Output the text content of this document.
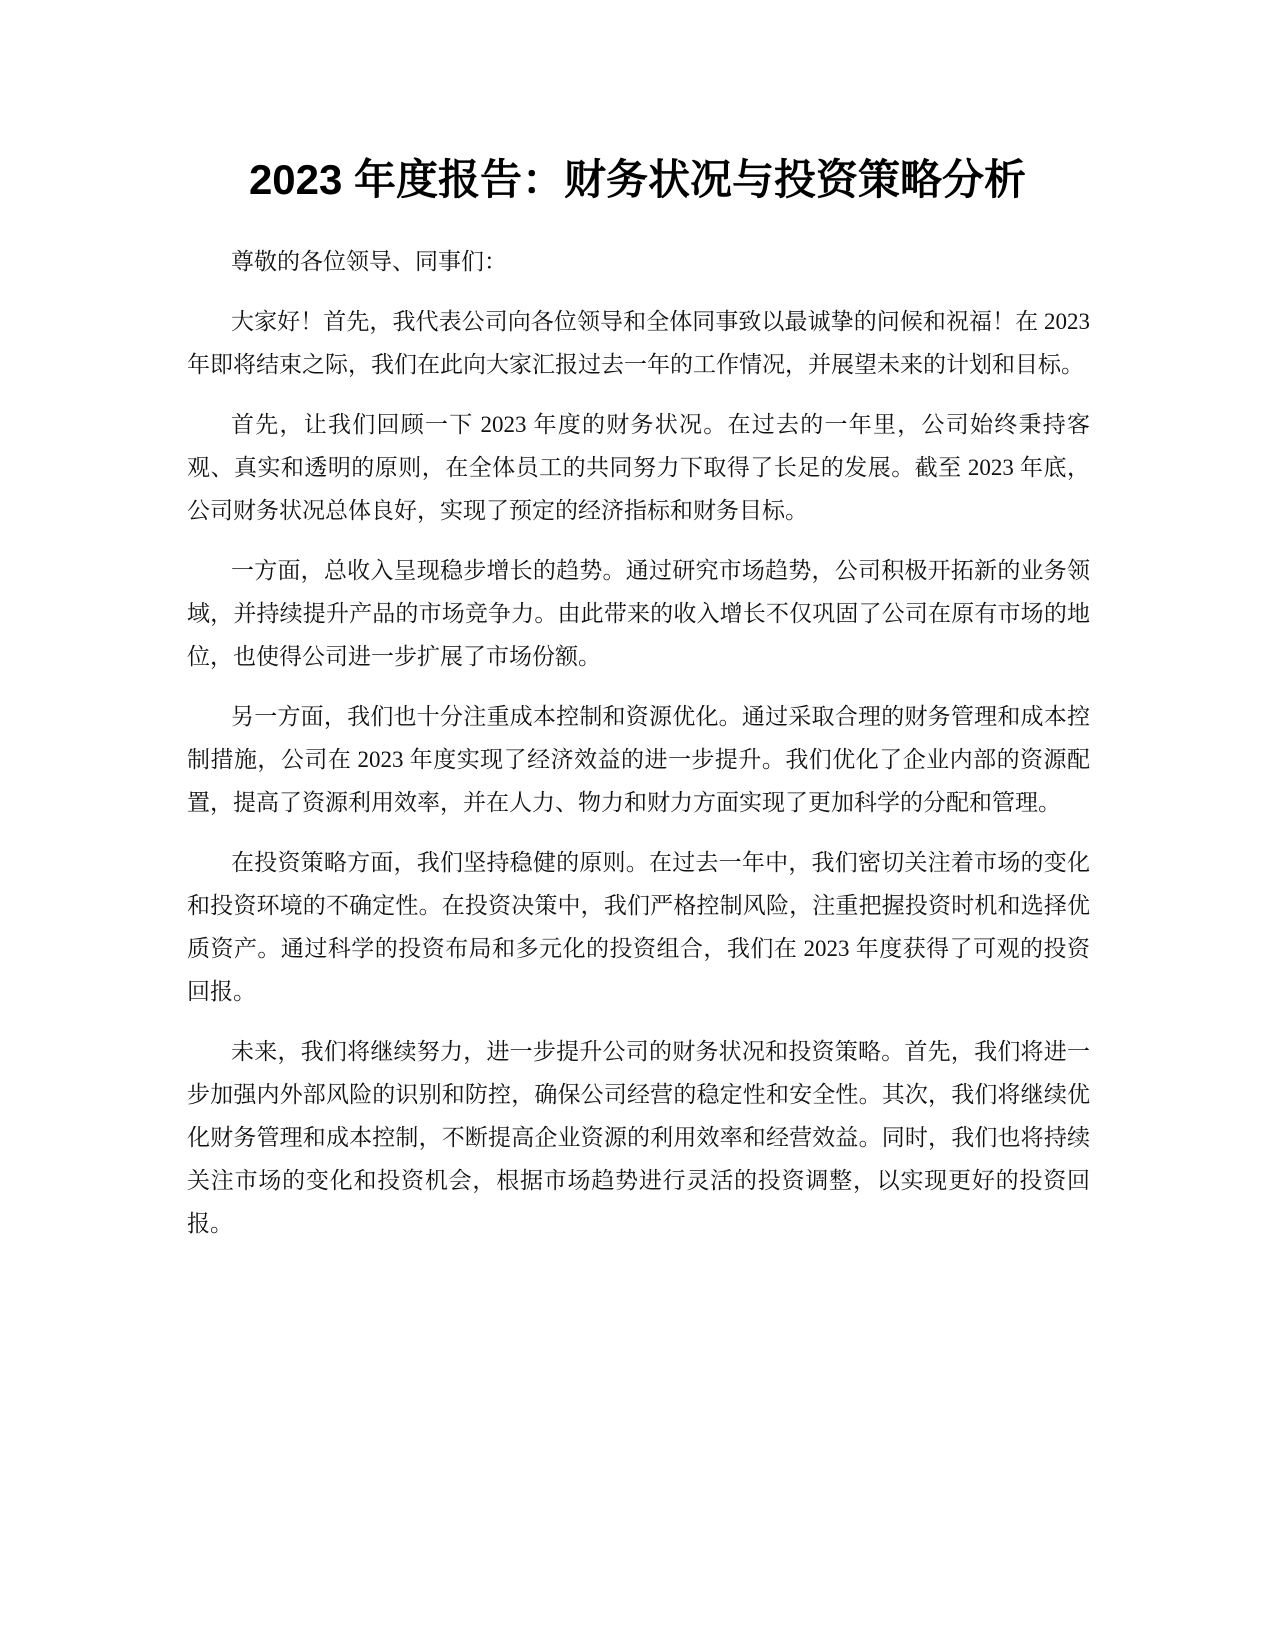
2023 年度报告：财务状况与投资策略分析

尊敬的各位领导、同事们：

大家好！首先，我代表公司向各位领导和全体同事致以最诚挚的问候和祝福！在 2023 年即将结束之际，我们在此向大家汇报过去一年的工作情况，并展望未来的计划和目标。

首先，让我们回顾一下 2023 年度的财务状况。在过去的一年里，公司始终秉持客观、真实和透明的原则，在全体员工的共同努力下取得了长足的发展。截至 2023 年底，公司财务状况总体良好，实现了预定的经济指标和财务目标。

一方面，总收入呈现稳步增长的趋势。通过研究市场趋势，公司积极开拓新的业务领域，并持续提升产品的市场竞争力。由此带来的收入增长不仅巩固了公司在原有市场的地位，也使得公司进一步扩展了市场份额。

另一方面，我们也十分注重成本控制和资源优化。通过采取合理的财务管理和成本控制措施，公司在 2023 年度实现了经济效益的进一步提升。我们优化了企业内部的资源配置，提高了资源利用效率，并在人力、物力和财力方面实现了更加科学的分配和管理。

在投资策略方面，我们坚持稳健的原则。在过去一年中，我们密切关注着市场的变化和投资环境的不确定性。在投资决策中，我们严格控制风险，注重把握投资时机和选择优质资产。通过科学的投资布局和多元化的投资组合，我们在 2023 年度获得了可观的投资回报。

未来，我们将继续努力，进一步提升公司的财务状况和投资策略。首先，我们将进一步加强内外部风险的识别和防控，确保公司经营的稳定性和安全性。其次，我们将继续优化财务管理和成本控制，不断提高企业资源的利用效率和经营效益。同时，我们也将持续关注市场的变化和投资机会，根据市场趋势进行灵活的投资调整，以实现更好的投资回报。
